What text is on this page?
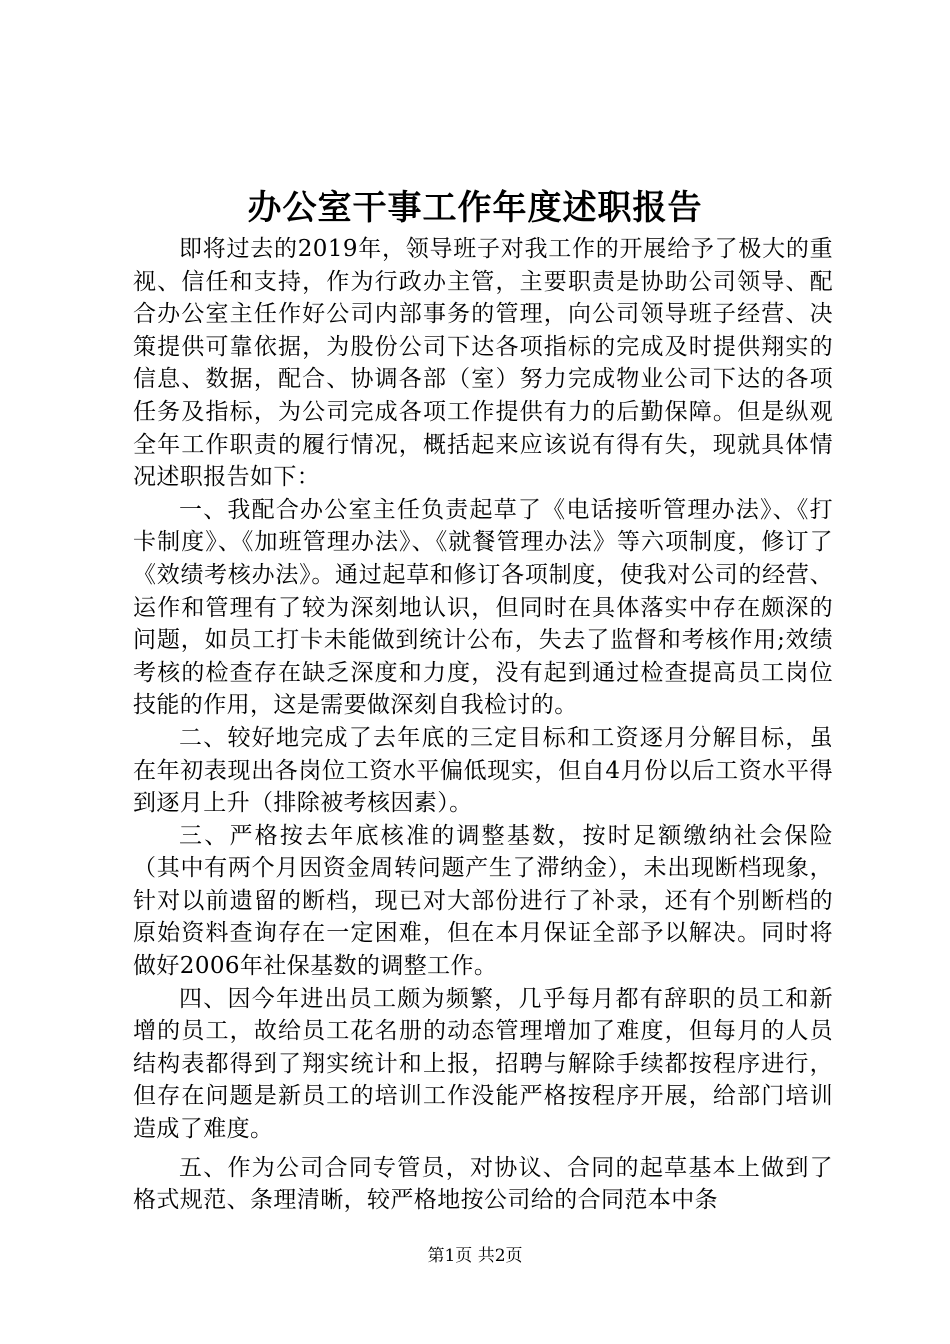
办公室干事工作年度述职报告

即将过去的2019年，领导班子对我工作的开展给予了极大的重视、信任和支持，作为行政办主管，主要职责是协助公司领导、配合办公室主任作好公司内部事务的管理，向公司领导班子经营、决策提供可靠依据，为股份公司下达各项指标的完成及时提供翔实的信息、数据，配合、协调各部（室）努力完成物业公司下达的各项任务及指标，为公司完成各项工作提供有力的后勤保障。但是纵观全年工作职责的履行情况，概括起来应该说有得有失，现就具体情况述职报告如下：

一、我配合办公室主任负责起草了《电话接听管理办法》、《打卡制度》、《加班管理办法》、《就餐管理办法》等六项制度，修订了《效绩考核办法》。通过起草和修订各项制度，使我对公司的经营、运作和管理有了较为深刻地认识，但同时在具体落实中存在颇深的问题，如员工打卡未能做到统计公布，失去了监督和考核作用;效绩考核的检查存在缺乏深度和力度，没有起到通过检查提高员工岗位技能的作用，这是需要做深刻自我检讨的。

二、较好地完成了去年底的三定目标和工资逐月分解目标，虽在年初表现出各岗位工资水平偏低现实，但自4月份以后工资水平得到逐月上升（排除被考核因素）。

三、严格按去年底核准的调整基数，按时足额缴纳社会保险（其中有两个月因资金周转问题产生了滞纳金），未出现断档现象，针对以前遗留的断档，现已对大部份进行了补录，还有个别断档的原始资料查询存在一定困难，但在本月保证全部予以解决。同时将做好2006年社保基数的调整工作。

四、因今年进出员工颇为频繁，几乎每月都有辞职的员工和新增的员工，故给员工花名册的动态管理增加了难度，但每月的人员结构表都得到了翔实统计和上报，招聘与解除手续都按程序进行，但存在问题是新员工的培训工作没能严格按程序开展，给部门培训造成了难度。

五、作为公司合同专管员，对协议、合同的起草基本上做到了格式规范、条理清晰，较严格地按公司给的合同范本中条

第1页 共2页
